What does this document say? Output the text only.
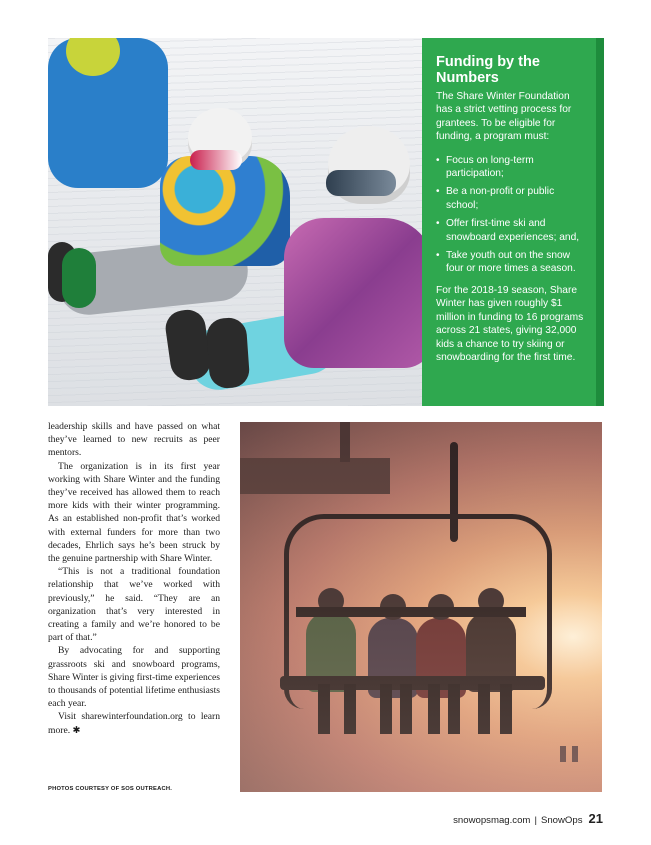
Funding by the Numbers

The Share Winter Foundation has a strict vetting process for grantees. To be eligible for funding, a program must:

• Focus on long-term participation;
• Be a non-profit or public school;
• Offer first-time ski and snowboard experiences; and,
• Take youth out on the snow four or more times a season.

For the 2018-19 season, Share Winter has given roughly $1 million in funding to 16 programs across 21 states, giving 32,000 kids a chance to try skiing or snowboarding for the first time.

leadership skills and have passed on what they’ve learned to new recruits as peer mentors.

The organization is in its first year working with Share Winter and the funding they’ve received has allowed them to reach more kids with their winter programming. As an established non-profit that’s worked with external funders for more than two decades, Ehrlich says he’s been struck by the genuine partnership with Share Winter.

“This is not a traditional foundation relationship that we’ve worked with previously,” he said. “They are an organization that’s very interested in creating a family and we’re honored to be part of that.”

By advocating for and supporting grassroots ski and snowboard programs, Share Winter is giving first-time experiences to thousands of potential lifetime enthusiasts each year.

Visit sharewinterfoundation.org to learn more. ✱

PHOTOS COURTESY OF SOS OUTREACH.
snowopsmag.com | SnowOps 21
